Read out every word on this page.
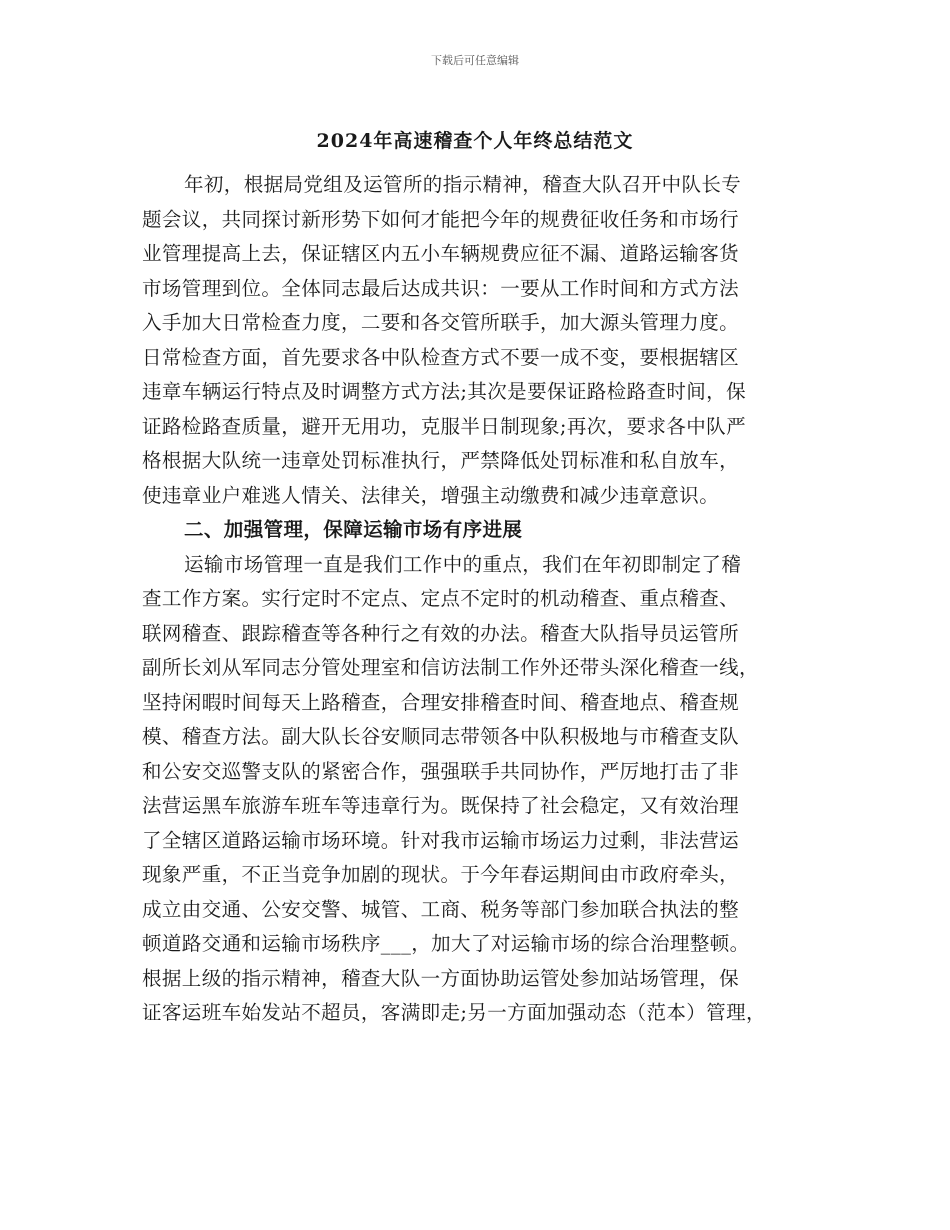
下载后可任意编辑
2024年高速稽查个人年终总结范文
年初，根据局党组及运管所的指示精神，稽查大队召开中队长专
题会议，共同探讨新形势下如何才能把今年的规费征收任务和市场行
业管理提高上去，保证辖区内五小车辆规费应征不漏、道路运输客货
市场管理到位。全体同志最后达成共识：一要从工作时间和方式方法
入手加大日常检查力度，二要和各交管所联手，加大源头管理力度。
日常检查方面，首先要求各中队检查方式不要一成不变，要根据辖区
违章车辆运行特点及时调整方式方法;其次是要保证路检路查时间，保
证路检路查质量，避开无用功，克服半日制现象;再次，要求各中队严
格根据大队统一违章处罚标准执行，严禁降低处罚标准和私自放车，
使违章业户难逃人情关、法律关，增强主动缴费和减少违章意识。
二、加强管理，保障运输市场有序进展
运输市场管理一直是我们工作中的重点，我们在年初即制定了稽
查工作方案。实行定时不定点、定点不定时的机动稽查、重点稽查、
联网稽查、跟踪稽查等各种行之有效的办法。稽查大队指导员运管所
副所长刘从军同志分管处理室和信访法制工作外还带头深化稽查一线，
坚持闲暇时间每天上路稽查，合理安排稽查时间、稽查地点、稽查规
模、稽查方法。副大队长谷安顺同志带领各中队积极地与市稽查支队
和公安交巡警支队的紧密合作，强强联手共同协作，严厉地打击了非
法营运黑车旅游车班车等违章行为。既保持了社会稳定，又有效治理
了全辖区道路运输市场环境。针对我市运输市场运力过剩，非法营运
现象严重，不正当竞争加剧的现状。于今年春运期间由市政府牵头，
成立由交通、公安交警、城管、工商、税务等部门参加联合执法的整
顿道路交通和运输市场秩序___，加大了对运输市场的综合治理整顿。
根据上级的指示精神，稽查大队一方面协助运管处参加站场管理，保
证客运班车始发站不超员，客满即走;另一方面加强动态（范本）管理，
